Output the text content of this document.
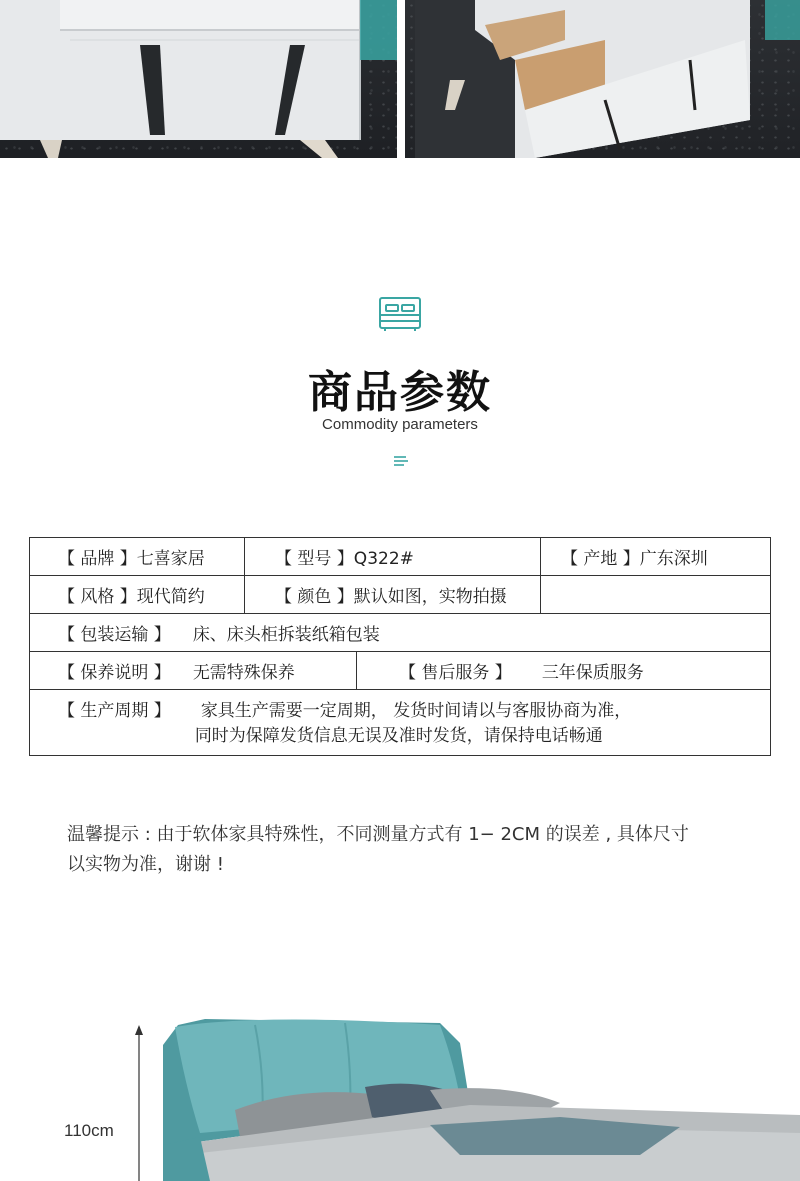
商品参数
Commodity parameters
【 品牌 】七喜家居	【 型号 】Q322#	【 产地 】广东深圳
【 风格 】现代简约	【 颜色 】默认如图，实物拍摄
【 包装运输 】 床、床头柜拆装纸箱包装
【 保养说明 】 无需特殊保养	【 售后服务 】 三年保质服务
【 生产周期 】 家具生产需要一定周期， 发货时间请以与客服协商为准，
同时为保障发货信息无误及准时发货，请保持电话畅通
温馨提示 : 由于软体家具特殊性，不同测量方式有 1− 2CM 的误差 , 具体尺寸
以实物为准，谢谢 !
110cm
